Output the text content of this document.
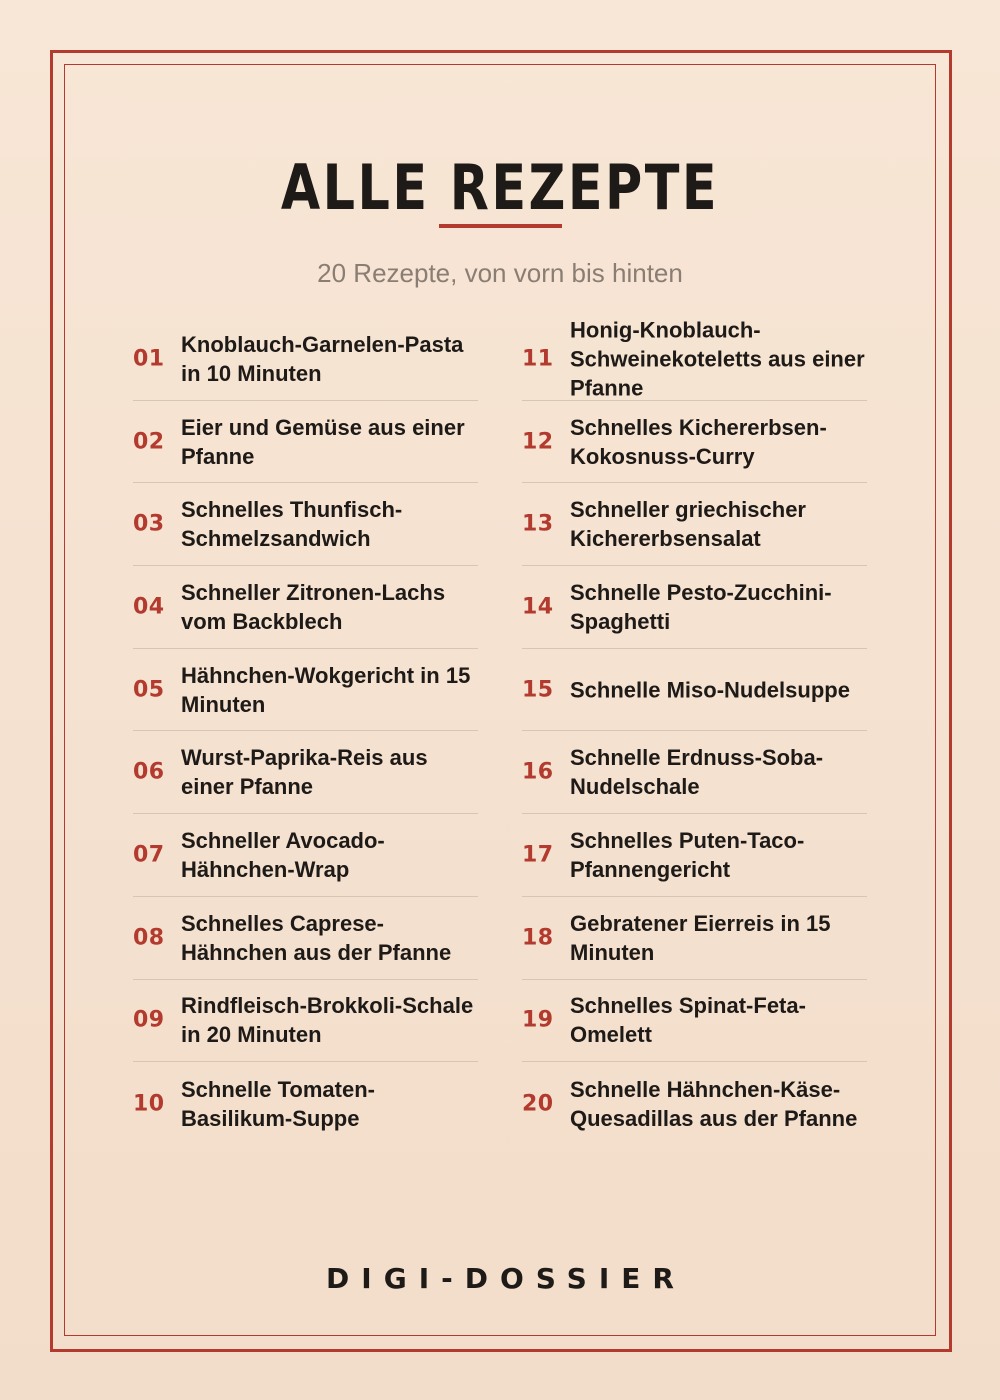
ALLE REZEPTE
20 Rezepte, von vorn bis hinten
01
Knoblauch-Garnelen-Pasta in 10 Minuten
02
Eier und Gemüse aus einer Pfanne
03
Schnelles Thunfisch-Schmelzsandwich
04
Schneller Zitronen-Lachs vom Backblech
05
Hähnchen-Wokgericht in 15 Minuten
06
Wurst-Paprika-Reis aus einer Pfanne
07
Schneller Avocado-Hähnchen-Wrap
08
Schnelles Caprese-Hähnchen aus der Pfanne
09
Rindfleisch-Brokkoli-Schale in 20 Minuten
10
Schnelle Tomaten-Basilikum-Suppe
11
Honig-Knoblauch-Schweinekoteletts aus einer Pfanne
12
Schnelles Kichererbsen-Kokosnuss-Curry
13
Schneller griechischer Kichererbsensalat
14
Schnelle Pesto-Zucchini-Spaghetti
15 Schnelle Miso-Nudelsuppe
16
Schnelle Erdnuss-Soba-Nudelschale
17
Schnelles Puten-Taco-Pfannengericht
18
Gebratener Eierreis in 15 Minuten
19
Schnelles Spinat-Feta-Omelett
20
Schnelle Hähnchen-Käse-Quesadillas aus der Pfanne
DIGI-DOSSIER
